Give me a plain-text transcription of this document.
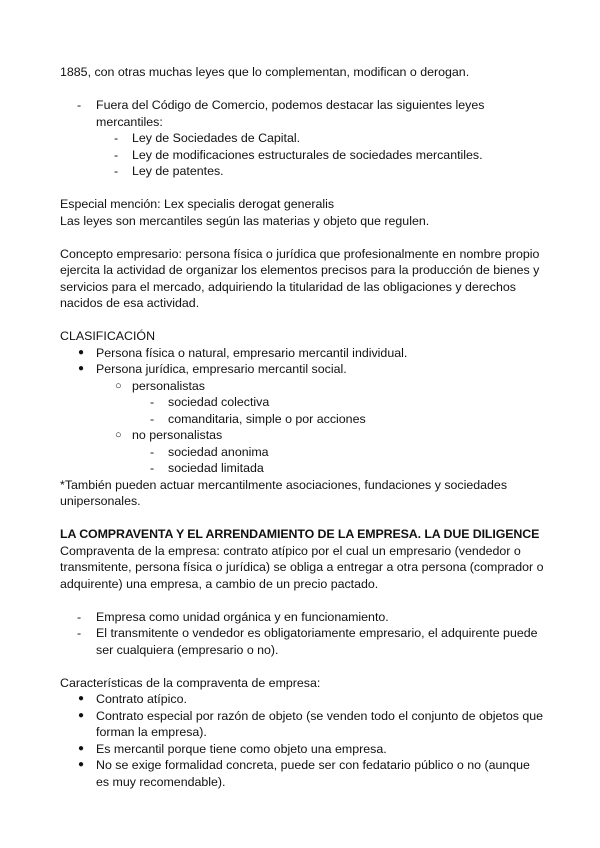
1885, con otras muchas leyes que lo complementan, modifican o derogan.

- Fuera del Código de Comercio, podemos destacar las siguientes leyes mercantiles:
- Ley de Sociedades de Capital.
- Ley de modificaciones estructurales de sociedades mercantiles.
- Ley de patentes.

Especial mención: Lex specialis derogat generalis

Las leyes son mercantiles según las materias y objeto que regulen.

Concepto empresario: persona física o jurídica que profesionalmente en nombre propio ejercita la actividad de organizar los elementos precisos para la producción de bienes y servicios para el mercado, adquiriendo la titularidad de las obligaciones y derechos nacidos de esa actividad.

CLASIFICACIÓN

● Persona física o natural, empresario mercantil individual.
● Persona jurídica, empresario mercantil social.
○ personalistas
- sociedad colectiva
- comanditaria, simple o por acciones
○ no personalistas
- sociedad anonima
- sociedad limitada

*También pueden actuar mercantilmente asociaciones, fundaciones y sociedades unipersonales.

LA COMPRAVENTA Y EL ARRENDAMIENTO DE LA EMPRESA. LA DUE DILIGENCE

Compraventa de la empresa: contrato atípico por el cual un empresario (vendedor o transmitente, persona física o jurídica) se obliga a entregar a otra persona (comprador o adquirente) una empresa, a cambio de un precio pactado.

- Empresa como unidad orgánica y en funcionamiento.
- El transmitente o vendedor es obligatoriamente empresario, el adquirente puede ser cualquiera (empresario o no).

Características de la compraventa de empresa:

● Contrato atípico.
● Contrato especial por razón de objeto (se venden todo el conjunto de objetos que forman la empresa).
● Es mercantil porque tiene como objeto una empresa.
● No se exige formalidad concreta, puede ser con fedatario público o no (aunque es muy recomendable).
